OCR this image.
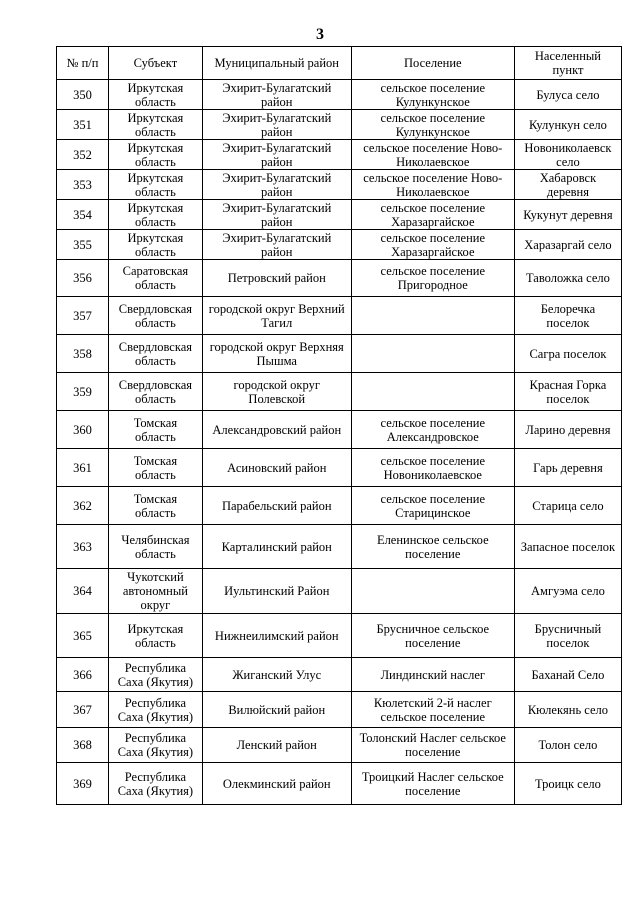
3
№ п/п	Субъект	Муниципальный район	Поселение	Населенный пункт
350	Иркутская область	Эхирит-Булагатский район	сельское поселение Кулункунское	Булуса село
351	Иркутская область	Эхирит-Булагатский район	сельское поселение Кулункунское	Кулункун село
352	Иркутская область	Эхирит-Булагатский район	сельское поселение Ново-Николаевское	Новониколаевск село
353	Иркутская область	Эхирит-Булагатский район	сельское поселение Ново-Николаевское	Хабаровск деревня
354	Иркутская область	Эхирит-Булагатский район	сельское поселение Харазаргайское	Кукунут деревня
355	Иркутская область	Эхирит-Булагатский район	сельское поселение Харазаргайское	Харазаргай село
356	Саратовская область	Петровский район	сельское поселение Пригородное	Таволожка село
357	Свердловская область	городской округ Верхний Тагил		Белоречка поселок
358	Свердловская область	городской округ Верхняя Пышма		Сагра поселок
359	Свердловская область	городской округ Полевской		Красная Горка поселок
360	Томская область	Александровский район	сельское поселение Александровское	Ларино деревня
361	Томская область	Асиновский район	сельское поселение Новониколаевское	Гарь деревня
362	Томская область	Парабельский район	сельское поселение Старицинское	Старица село
363	Челябинская область	Карталинский район	Еленинское сельское поселение	Запасное поселок
364	Чукотский автономный округ	Иультинский Район		Амгуэма село
365	Иркутская область	Нижнеилимский район	Брусничное сельское поселение	Брусничный поселок
366	Республика Саха (Якутия)	Жиганский Улус	Линдинский наслег	Баханай Село
367	Республика Саха (Якутия)	Вилюйский район	Кюлетский 2-й наслег сельское поселение	Кюлекянь село
368	Республика Саха (Якутия)	Ленский район	Толонский Наслег сельское поселение	Толон село
369	Республика Саха (Якутия)	Олекминский район	Троицкий Наслег сельское поселение	Троицк село
